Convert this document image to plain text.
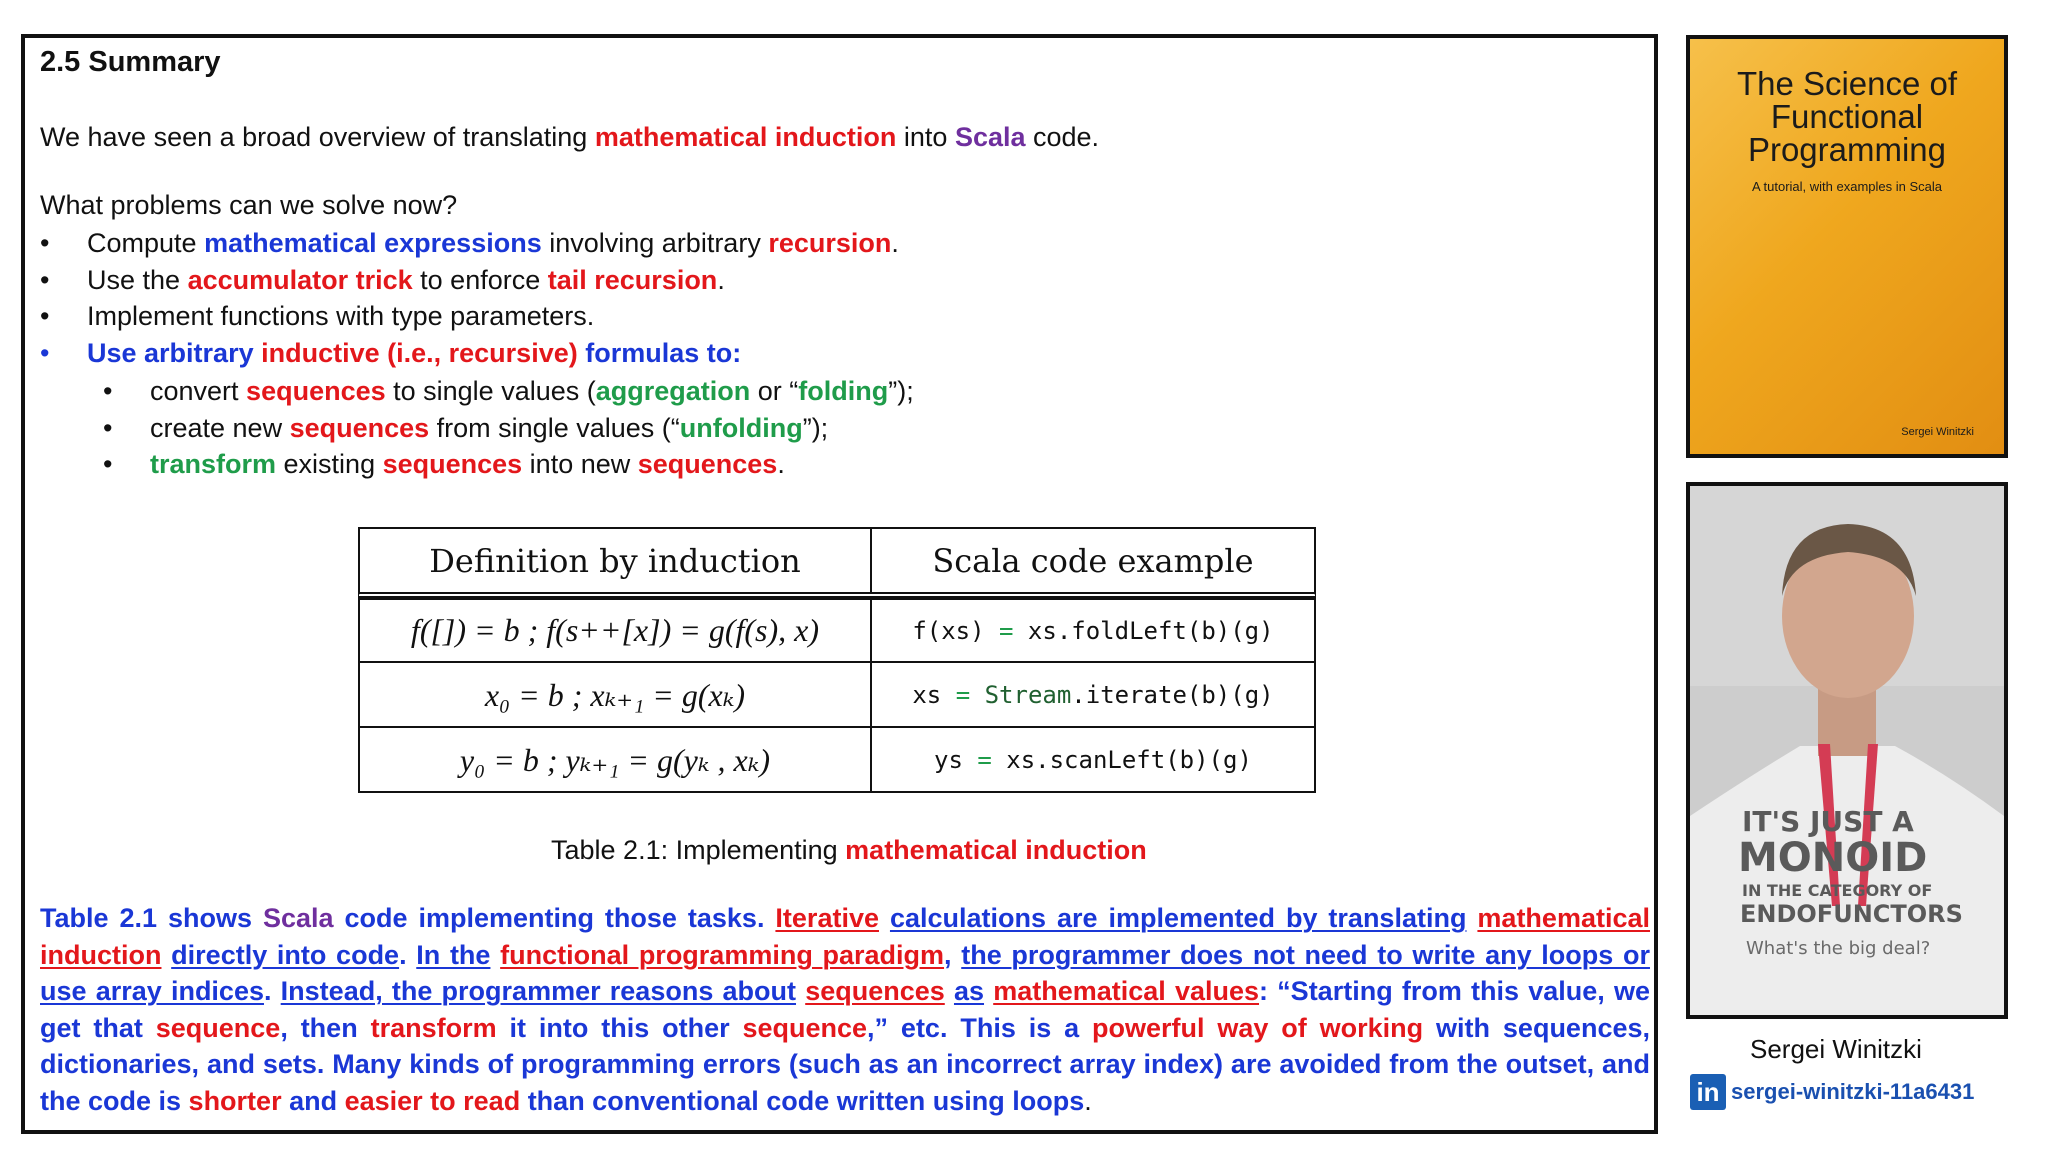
2.5 Summary
We have seen a broad overview of translating mathematical induction into Scala code.
What problems can we solve now?
• Compute mathematical expressions involving arbitrary recursion.
• Use the accumulator trick to enforce tail recursion.
• Implement functions with type parameters.
• Use arbitrary inductive (i.e., recursive) formulas to:
• convert sequences to single values (aggregation or “folding”);
• create new sequences from single values (“unfolding”);
• transform existing sequences into new sequences.
Definition by induction	Scala code example
f([]) = b ; f(s++[x]) = g(f(s), x)	f(xs) = xs.foldLeft(b)(g)
x₀ = b ; xₖ₊₁ = g(xₖ)	xs = Stream .iterate(b)(g)
y₀ = b ; yₖ₊₁ = g(yₖ , xₖ)	ys = xs.scanLeft(b)(g)
Table 2.1: Implementing mathematical induction
Table 2.1 shows Scala code implementing those tasks. Iterative calculations are implemented by translating mathematical induction directly into code. In the functional programming paradigm, the programmer does not need to write any loops or use array indices. Instead, the programmer reasons about sequences as mathematical values: “Starting from this value, we get that sequence, then transform it into this other sequence,” etc. This is a powerful way of working with sequences, dictionaries, and sets. Many kinds of programming errors (such as an incorrect array index) are avoided from the outset, and the code is shorter and easier to read than conventional code written using loops.
The Science of Functional Programming
A tutorial, with examples in Scala
Sergei Winitzki
IT'S JUST A
MONOID
IN THE CATEGORY OF
ENDOFUNCTORS
What's the big deal?
Sergei Winitzki
in sergei-winitzki-11a6431
